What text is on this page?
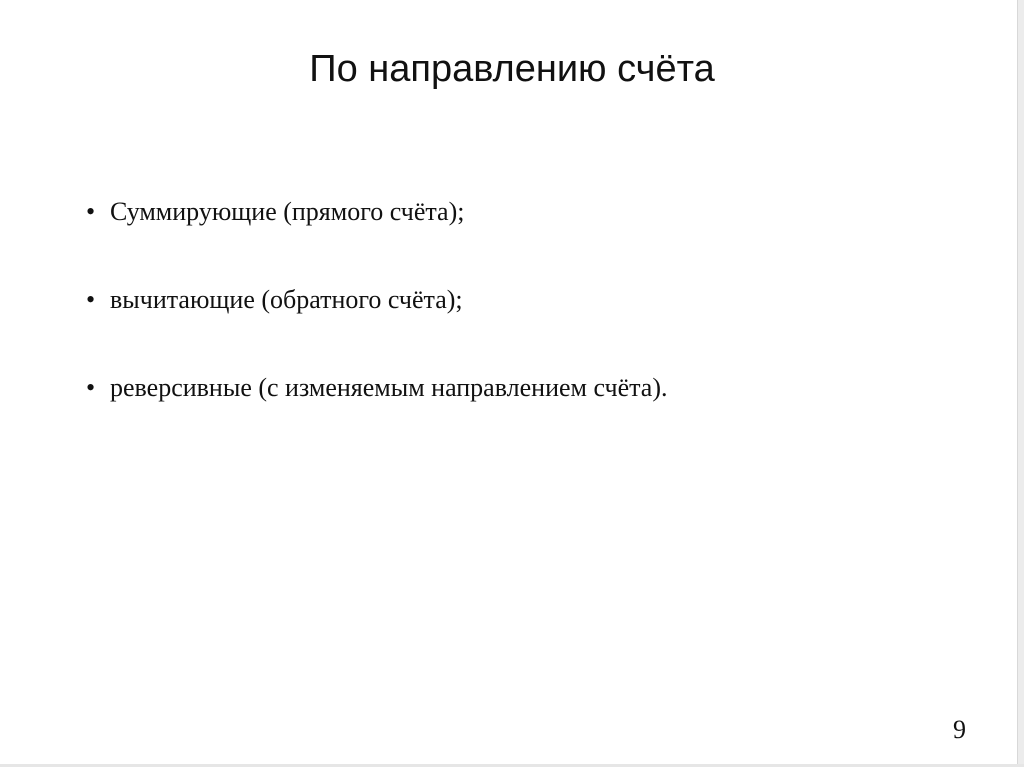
По направлению счёта
• Суммирующие (прямого счёта);
• вычитающие (обратного счёта);
• реверсивные (с изменяемым направлением счёта).
9
